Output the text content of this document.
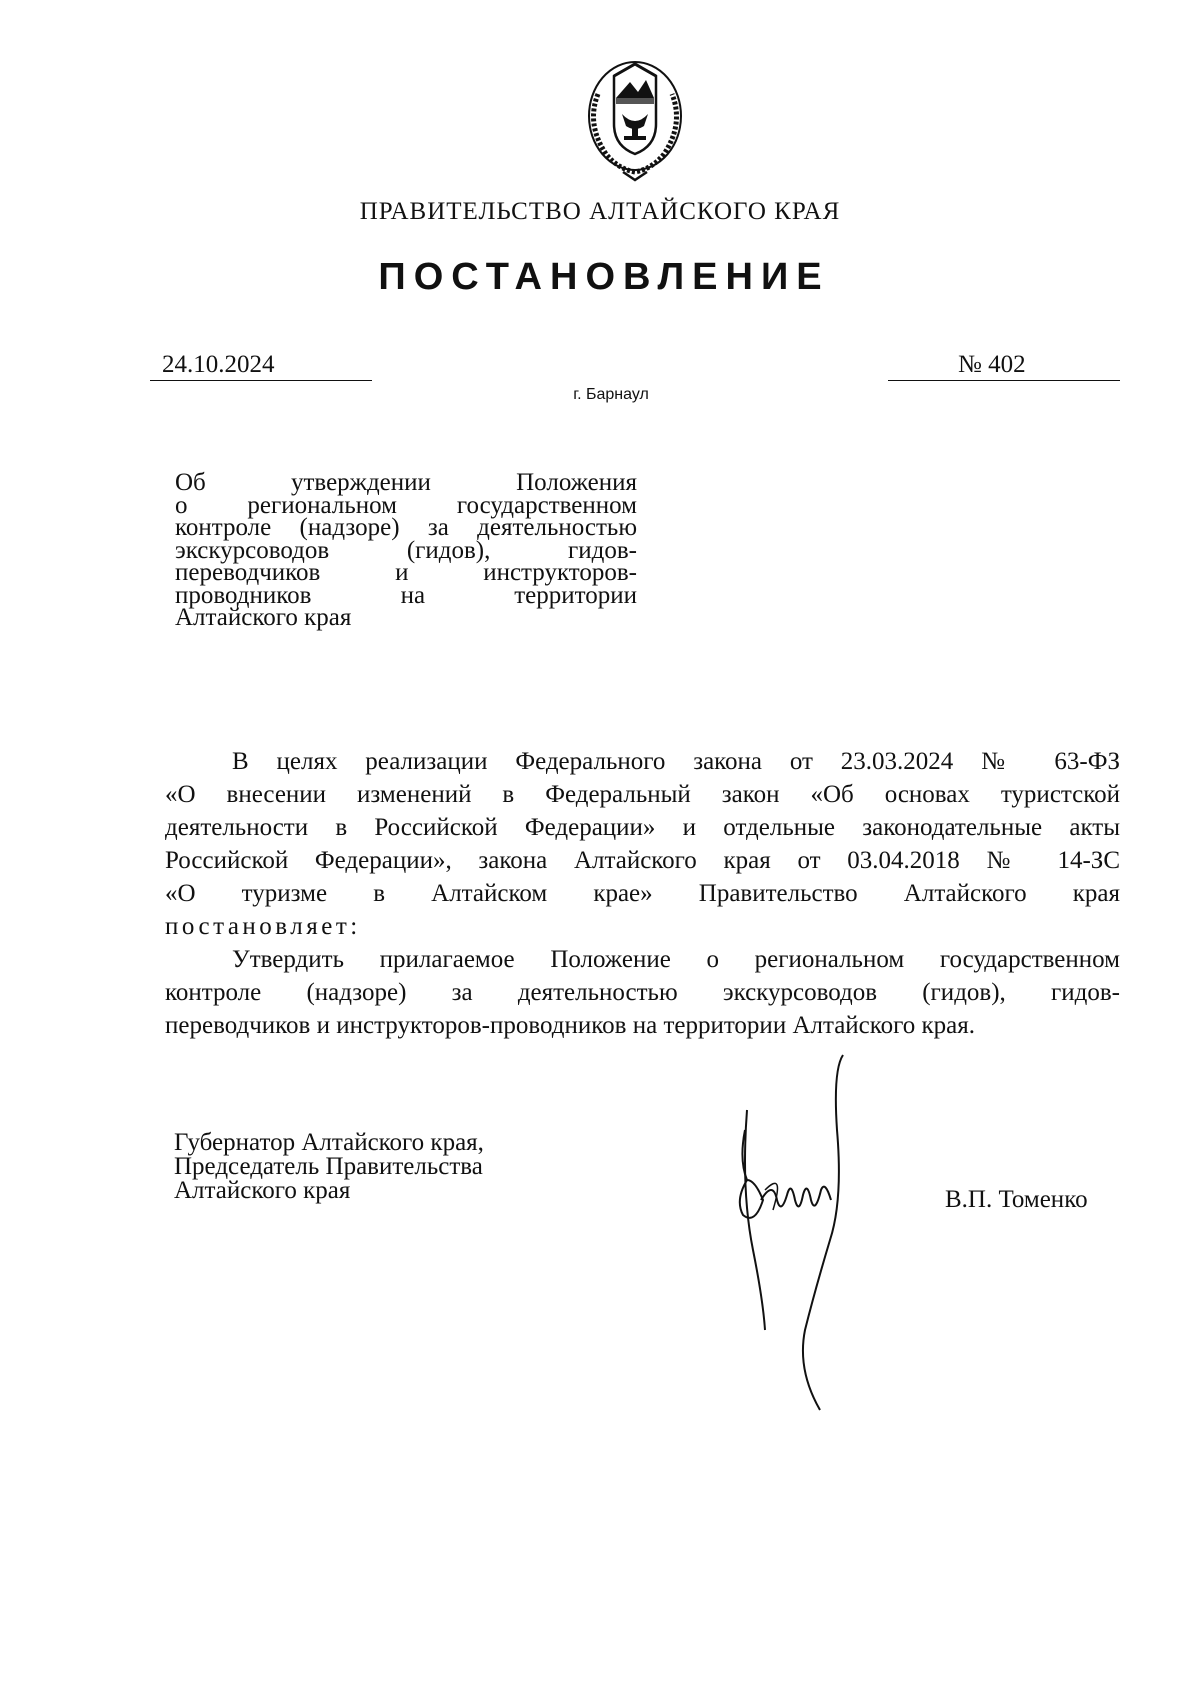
ПРАВИТЕЛЬСТВО АЛТАЙСКОГО КРАЯ
ПОСТАНОВЛЕНИЕ
24.10.2024	№ 402
г. Барнаул
Об утверждении Положения
о региональном государственном
контроле (надзоре) за деятельностью
экскурсоводов (гидов), гидов-
переводчиков и инструкторов-
проводников на территории
Алтайского края
В целях реализации Федерального закона от 23.03.2024 № 63-ФЗ
«О внесении изменений в Федеральный закон «Об основах туристской
деятельности в Российской Федерации» и отдельные законодательные акты
Российской Федерации», закона Алтайского края от 03.04.2018 № 14-ЗС
«О туризме в Алтайском крае» Правительство Алтайского края
постановляет:
Утвердить прилагаемое Положение о региональном государственном
контроле (надзоре) за деятельностью экскурсоводов (гидов), гидов-
переводчиков и инструкторов-проводников на территории Алтайского края.
Губернатор Алтайского края,
Председатель Правительства
Алтайского края	В.П. Томенко
